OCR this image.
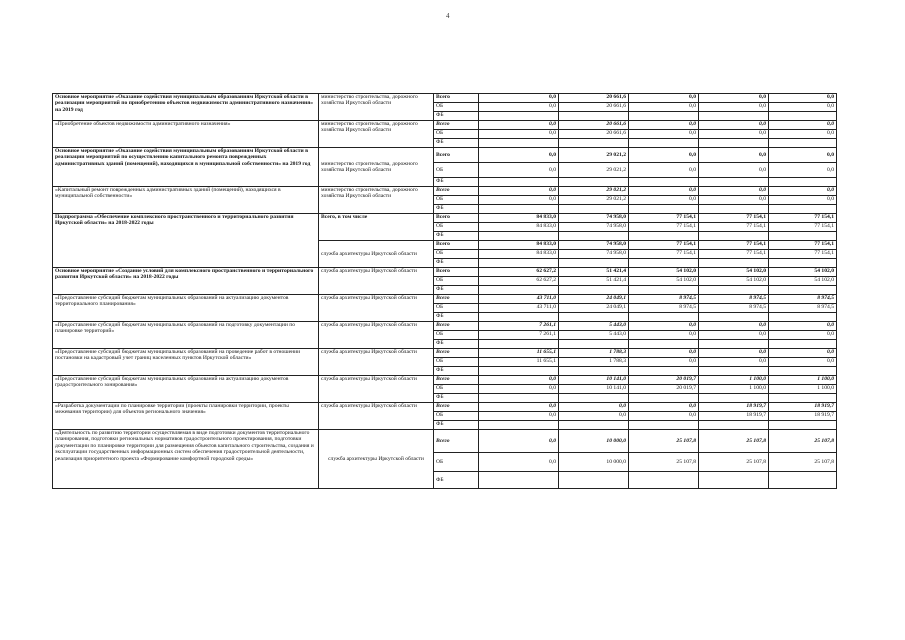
4
Основное мероприятие «Оказание содействия муниципальным образованиям Иркутской области в реализации мероприятий по приобретению объектов недвижимости административного назначения» на 2019 год	министерство строительства, дорожного хозяйства Иркутской области	Всего	0,0	20 661,6	0,0	0,0	0,0
		ОБ	0,0	20 661,6	0,0	0,0	0,0
		ФБ					
«Приобретение объектов недвижимости административного назначения»	министерство строительства, дорожного хозяйства Иркутской области	Всего	0,0	20 661,6	0,0	0,0	0,0
		ОБ	0,0	20 661,6	0,0	0,0	0,0
		ФБ					
Основное мероприятие «Оказание содействия муниципальным образованиям Иркутской области в реализации мероприятий по осуществлению капитального ремонта поврежденных административных зданий (помещений), находящихся в муниципальной собственности» на 2019 год	министерство строительства, дорожного хозяйства Иркутской области	Всего	0,0	29 021,2	0,0	0,0	0,0
		ОБ	0,0	29 021,2	0,0	0,0	0,0
		ФБ					
«Капитальный ремонт поврежденных административных зданий (помещений), находящихся в муниципальной собственности»	министерство строительства, дорожного хозяйства Иркутской области	Всего	0,0	29 021,2	0,0	0,0	0,0
		ОБ	0,0	29 021,2	0,0	0,0	0,0
		ФБ					
Подпрограмма «Обеспечение комплексного пространственного и территориального развития Иркутской области» на 2018-2022 годы	Всего, в том числе	Всего	84 833,0	74 958,0	77 154,1	77 154,1	77 154,1
		ОБ	84 833,0	74 958,0	77 154,1	77 154,1	77 154,1
		ФБ					
	служба архитектуры Иркутской области	Всего	84 833,0	74 958,0	77 154,1	77 154,1	77 154,1
		ОБ	84 833,0	74 958,0	77 154,1	77 154,1	77 154,1
		ФБ					
Основное мероприятие «Создание условий для комплексного пространственного и территориального развития Иркутской области» на 2018-2022 годы	служба архитектуры Иркутской области	Всего	62 627,2	51 421,4	54 102,0	54 102,0	54 102,0
		ОБ	62 627,2	51 421,4	54 102,0	54 102,0	54 102,0
		ФБ					
«Предоставление субсидий бюджетам муниципальных образований на актуализацию документов территориального планирования»	служба архитектуры Иркутской области	Всего	43 711,0	24 049,1	8 974,5	8 974,5	8 974,5
		ОБ	43 711,0	24 049,1	8 974,5	8 974,5	8 974,5
		ФБ					
«Предоставление субсидий бюджетам муниципальных образований на подготовку документации по планировке территорий»	служба архитектуры Иркутской области	Всего	7 261,1	5 443,0	0,0	0,0	0,0
		ОБ	7 261,1	5 443,0	0,0	0,0	0,0
		ФБ					
«Предоставление субсидий бюджетам муниципальных образований на проведение работ в отношении постановки на кадастровый учет границ населенных пунктов Иркутской области»	служба архитектуры Иркутской области	Всего	11 655,1	1 788,3	0,0	0,0	0,0
		ОБ	11 655,1	1 788,3	0,0	0,0	0,0
		ФБ					
«Предоставление субсидий бюджетам муниципальных образований на актуализацию документов градостроительного зонирования»	служба архитектуры Иркутской области	Всего	0,0	10 141,0	20 019,7	1 100,0	1 100,0
		ОБ	0,0	10 141,0	20 019,7	1 100,0	1 100,0
		ФБ					
«Разработка документации по планировке территории (проекты планировки территории, проекты межевания территории) для объектов регионального значения»	служба архитектуры Иркутской области	Всего	0,0	0,0	0,0	18 919,7	18 919,7
		ОБ	0,0	0,0	0,0	18 919,7	18 919,7
		ФБ					
«Деятельность по развитию территории осуществляемая в виде подготовки документов территориального планирования, подготовки региональных нормативов градостроительного проектирования, подготовки документации по планировке территории для размещения объектов капитального строительства, создания и эксплуатации государственных информационных систем обеспечения градостроительной деятельности, реализация приоритетного проекта «Формирование комфортной городской среды»	служба архитектуры Иркутской области	Всего	0,0	10 000,0	25 107,8	25 107,8	25 107,8
		ОБ	0,0	10 000,0	25 107,8	25 107,8	25 107,8
		ФБ					
